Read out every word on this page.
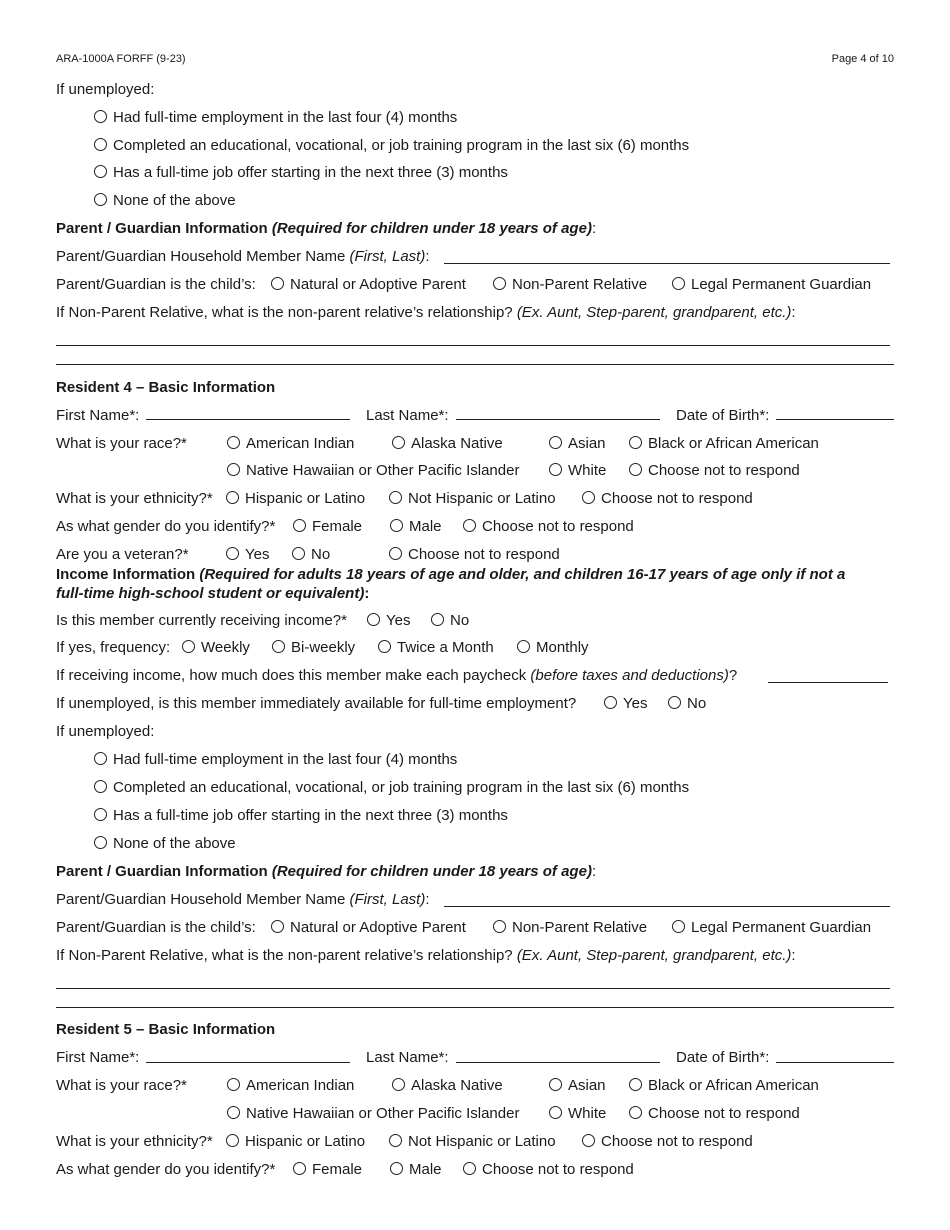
ARA-1000A FORFF (9-23)	Page 4 of 10
If unemployed:
Had full-time employment in the last four (4) months
Completed an educational, vocational, or job training program in the last six (6) months
Has a full-time job offer starting in the next three (3) months
None of the above
Parent / Guardian Information (Required for children under 18 years of age):
Parent/Guardian Household Member Name (First, Last):
Parent/Guardian is the child’s:	Natural or Adoptive Parent	Non-Parent Relative	Legal Permanent Guardian
If Non-Parent Relative, what is the non-parent relative’s relationship? (Ex. Aunt, Step-parent, grandparent, etc.):
Resident 4 – Basic Information
First Name*:	Last Name*:	Date of Birth*:
What is your race?*	American Indian	Alaska Native	Asian	Black or African American
Native Hawaiian or Other Pacific Islander	White	Choose not to respond
What is your ethnicity?*	Hispanic or Latino	Not Hispanic or Latino	Choose not to respond
As what gender do you identify?*	Female	Male	Choose not to respond
Are you a veteran?*	Yes	No	Choose not to respond
Income Information (Required for adults 18 years of age and older, and children 16-17 years of age only if not a
full-time high-school student or equivalent):
Is this member currently receiving income?*	Yes	No
If yes, frequency:	Weekly	Bi-weekly	Twice a Month	Monthly
If receiving income, how much does this member make each paycheck (before taxes and deductions)?
If unemployed, is this member immediately available for full-time employment?	Yes	No
If unemployed:
Had full-time employment in the last four (4) months
Completed an educational, vocational, or job training program in the last six (6) months
Has a full-time job offer starting in the next three (3) months
None of the above
Parent / Guardian Information (Required for children under 18 years of age):
Parent/Guardian Household Member Name (First, Last):
Parent/Guardian is the child’s:	Natural or Adoptive Parent	Non-Parent Relative	Legal Permanent Guardian
If Non-Parent Relative, what is the non-parent relative’s relationship? (Ex. Aunt, Step-parent, grandparent, etc.):
Resident 5 – Basic Information
First Name*:	Last Name*:	Date of Birth*:
What is your race?*	American Indian	Alaska Native	Asian	Black or African American
Native Hawaiian or Other Pacific Islander	White	Choose not to respond
What is your ethnicity?*	Hispanic or Latino	Not Hispanic or Latino	Choose not to respond
As what gender do you identify?*	Female	Male	Choose not to respond
